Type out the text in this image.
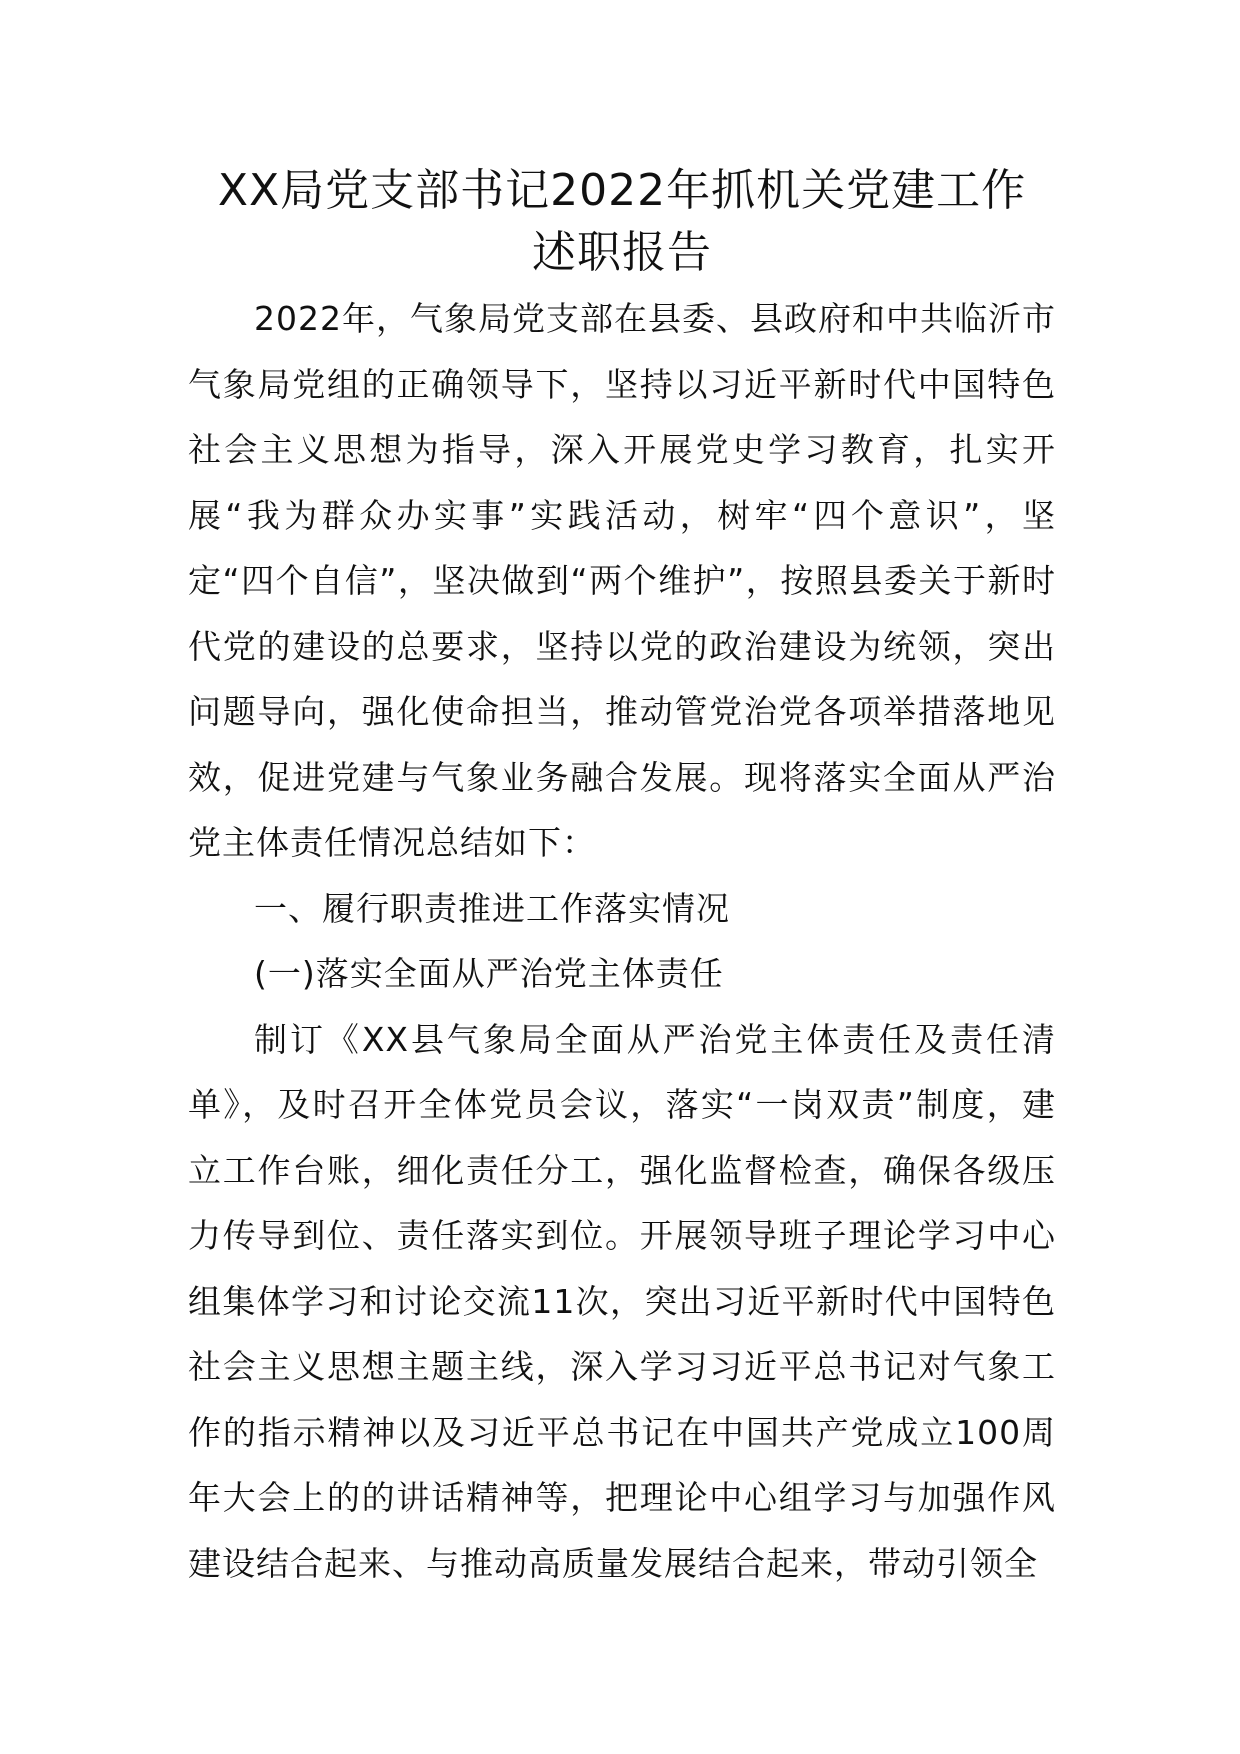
XX局党支部书记2022年抓机关党建工作
述职报告

2022年，气象局党支部在县委、县政府和中共临沂市气象局党组的正确领导下，坚持以习近平新时代中国特色社会主义思想为指导，深入开展党史学习教育，扎实开展“我为群众办实事”实践活动，树牢“四个意识”，坚定“四个自信”，坚决做到“两个维护”，按照县委关于新时代党的建设的总要求，坚持以党的政治建设为统领，突出问题导向，强化使命担当，推动管党治党各项举措落地见效，促进党建与气象业务融合发展。现将落实全面从严治党主体责任情况总结如下：

一、履行职责推进工作落实情况

(一)落实全面从严治党主体责任

制订《XX县气象局全面从严治党主体责任及责任清单》，及时召开全体党员会议，落实“一岗双责”制度，建立工作台账，细化责任分工，强化监督检查，确保各级压力传导到位、责任落实到位。开展领导班子理论学习中心组集体学习和讨论交流11次，突出习近平新时代中国特色社会主义思想主题主线，深入学习习近平总书记对气象工作的指示精神以及习近平总书记在中国共产党成立100周年大会上的的讲话精神等，把理论中心组学习与加强作风建设结合起来、与推动高质量发展结合起来，带动引领全
